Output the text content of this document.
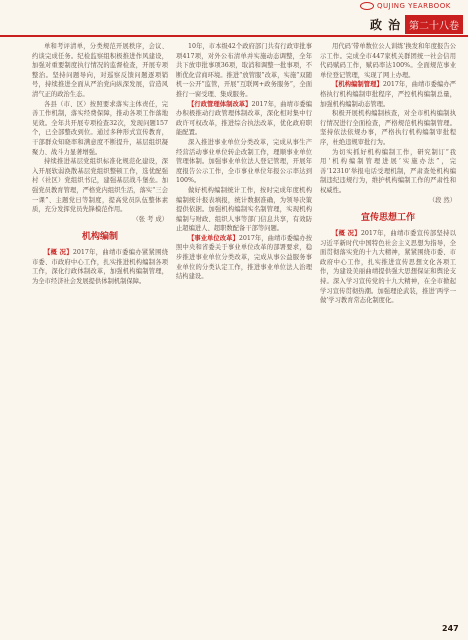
QUJING YEARBOOK
政 治 第二十八卷

单和考评清单，分类规范开展秩序，会议、约谈完成任务。纪检监察组积极推进作风建设，加强对重要制度执行情况的监督检查，开展专项整治。坚持问题导向，对巡察反馈问题逐项销号，持续推进全面从严治党向纵深发展，营造风清气正的政治生态。

各县（市、区）按照要求落实主体责任，完善工作机制，落实经费保障，推动各项工作落地见效。全年共开展专项检查32次，发现问题157个，已全部整改到位。通过多种形式宣传教育，干部群众知晓率和满意度不断提升，基层组织凝聚力、战斗力显著增强。

持续推进基层党组织标准化规范化建设，深入开展软弱涣散基层党组织整顿工作，选优配强村（社区）党组织书记，建强基层战斗堡垒。加强党员教育管理，严格党内组织生活，落实“三会一课”、主题党日等制度，提高党员队伍整体素质，充分发挥党员先锋模范作用。

（张 考 成）

机构编制

【概 况】2017年，曲靖市委编办紧紧围绕市委、市政府中心工作，扎实推进机构编制各项工作，深化行政体制改革，加强机构编制管理，为全市经济社会发展提供体制机制保障。

10年，市本级42个政府部门共有行政审批事项417项，对外公布清单并实施动态调整，全年共下放审批事项36项，取消和调整一批事项，不断优化营商环境。推进“放管服”改革，实施“双随机一公开”监管，开展“互联网+政务服务”，全面推行一窗受理、集成服务。

【行政管理体制改革】2017年，曲靖市委编办积极推动行政管理体制改革，深化相对集中行政许可权改革，推进综合执法改革，优化政府职能配置。

深入推进事业单位分类改革，完成从事生产经营活动事业单位转企改制工作，理顺事业单位管理体制。加强事业单位法人登记管理，开展年度报告公示工作，全市事业单位年报公示率达到100%。

做好机构编制统计工作，按时完成年度机构编制统计报表填报，统计数据准确，为领导决策提供依据。加强机构编制实名制管理，实现机构编制与财政、组织人事等部门信息共享，有效防止超编进人、超职数配备干部等问题。

【事业单位改革】2017年，曲靖市委编办按照中央和省委关于事业单位改革的部署要求，稳步推进事业单位分类改革，完成从事公益服务事业单位的分类认定工作，推进事业单位法人治理结构建设。

用代码‘带单数位公人训练’换发和年度报告公示工作。完成全市447家机关群团统一社会信用代码赋码工作，赋码率达100%。全面规范事业单位登记管理，实现了网上办理。

【机构编制管理】2017年，曲靖市委编办严格执行机构编制审批程序，严控机构编制总量，加强机构编制动态管理。

积极开展机构编制核查，对全市机构编制执行情况进行全面检查，严格规范机构编制管理。坚持依法依规办事，严格执行机构编制审批程序，杜绝违规审批行为。

为切实抓好机构编制工作，研究制订“我用‘机构编制管理进展’实施办法”，完善‘12310’举报电话受理机制，严肃查处机构编制违纪违规行为，维护机构编制工作的严肃性和权威性。

（段 然）

宣传思想工作

【概 况】2017年，曲靖市委宣传部坚持以习近平新时代中国特色社会主义思想为指导，全面贯彻落实党的十九大精神，紧紧围绕市委、市政府中心工作，扎实推进宣传思想文化各项工作，为建设美丽曲靖提供强大思想保证和舆论支持。深入学习宣传党的十九大精神，在全市掀起学习宣传贯彻热潮。加强理论武装，推进‘两学一做’学习教育常态化制度化。

247
